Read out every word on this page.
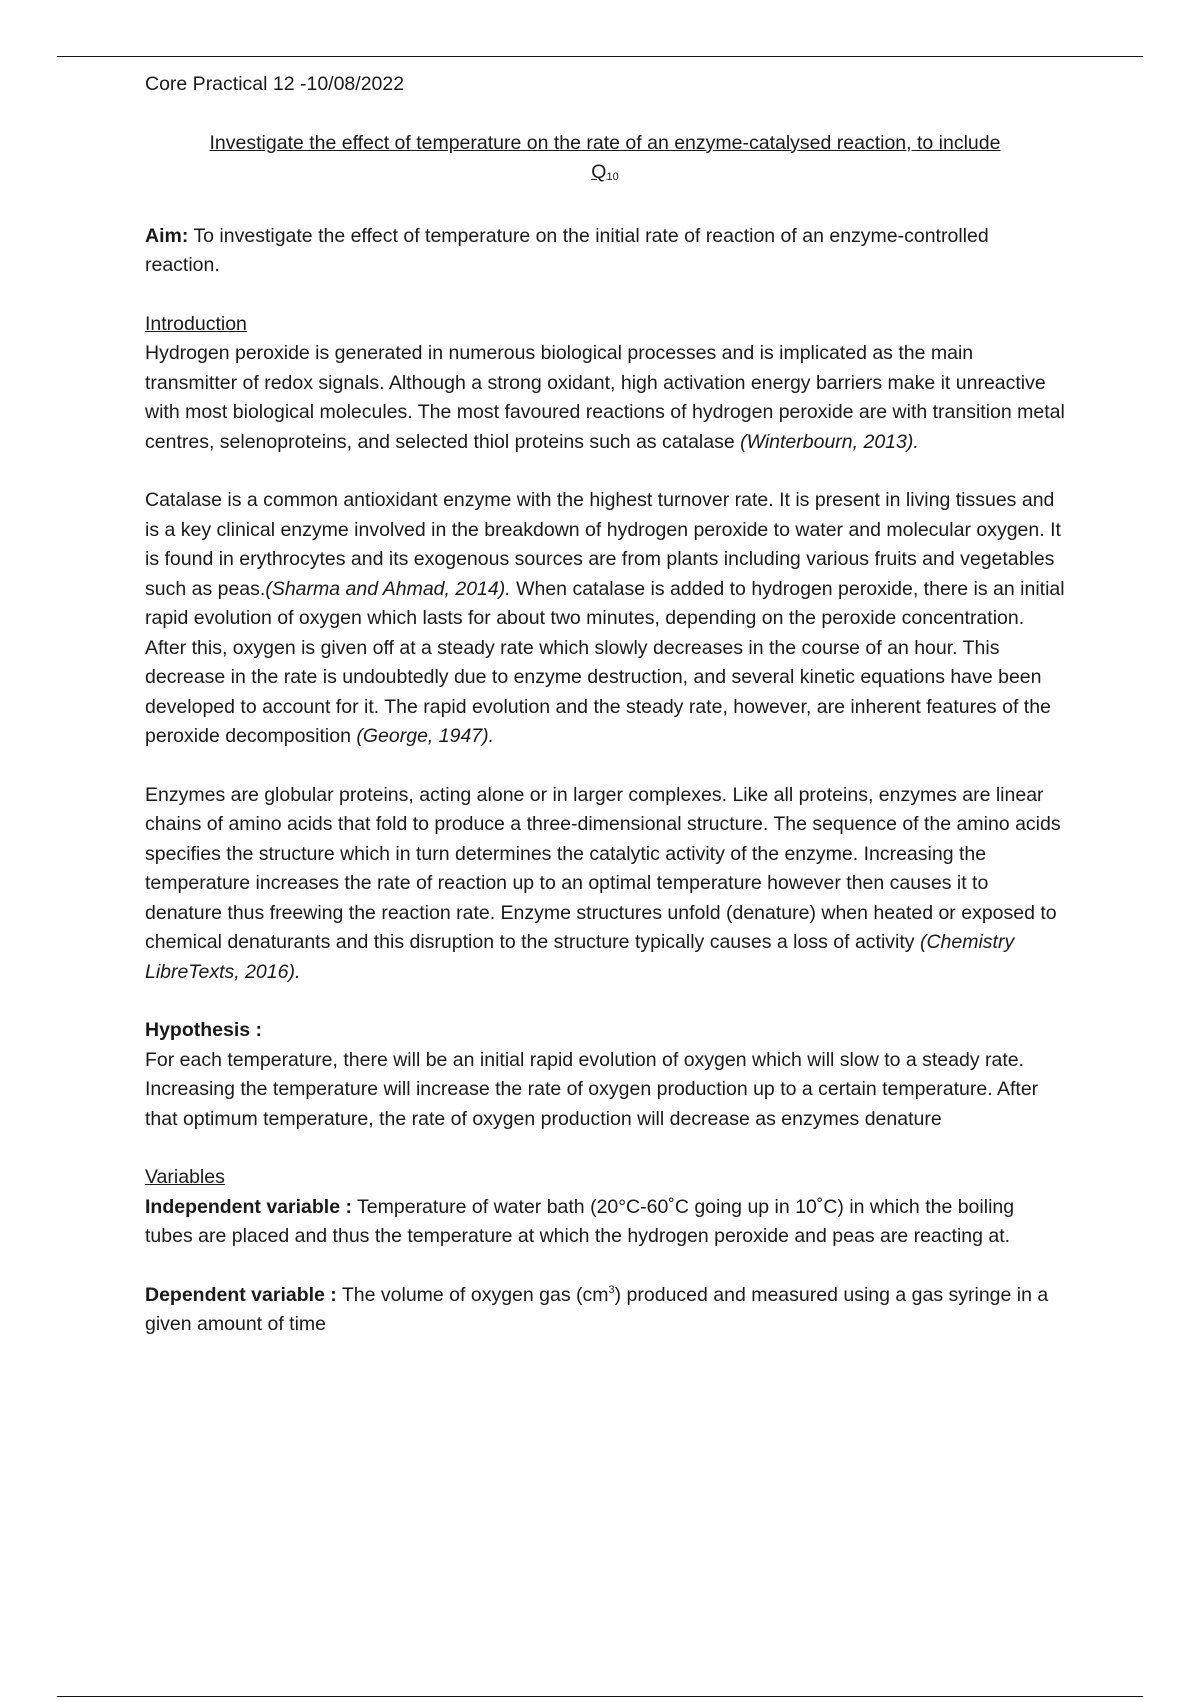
Core Practical 12 -10/08/2022

Investigate the effect of temperature on the rate of an enzyme-catalysed reaction, to include

$Q_{10}$

Aim: To investigate the effect of temperature on the initial rate of reaction of an enzyme-controlled reaction.

Introduction

Hydrogen peroxide is generated in numerous biological processes and is implicated as the main transmitter of redox signals. Although a strong oxidant, high activation energy barriers make it unreactive with most biological molecules. The most favoured reactions of hydrogen peroxide are with transition metal centres, selenoproteins, and selected thiol proteins such as catalase (Winterbourn, 2013).

Catalase is a common antioxidant enzyme with the highest turnover rate. It is present in living tissues and is a key clinical enzyme involved in the breakdown of hydrogen peroxide to water and molecular oxygen. It is found in erythrocytes and its exogenous sources are from plants including various fruits and vegetables such as peas.(Sharma and Ahmad, 2014). When catalase is added to hydrogen peroxide, there is an initial rapid evolution of oxygen which lasts for about two minutes, depending on the peroxide concentration. After this, oxygen is given off at a steady rate which slowly decreases in the course of an hour. This decrease in the rate is undoubtedly due to enzyme destruction, and several kinetic equations have been developed to account for it. The rapid evolution and the steady rate, however, are inherent features of the peroxide decomposition (George, 1947).

Enzymes are globular proteins, acting alone or in larger complexes. Like all proteins, enzymes are linear chains of amino acids that fold to produce a three-dimensional structure. The sequence of the amino acids specifies the structure which in turn determines the catalytic activity of the enzyme. Increasing the temperature increases the rate of reaction up to an optimal temperature however then causes it to denature thus freewing the reaction rate. Enzyme structures unfold (denature) when heated or exposed to chemical denaturants and this disruption to the structure typically causes a loss of activity (Chemistry LibreTexts, 2016).

Hypothesis :

For each temperature, there will be an initial rapid evolution of oxygen which will slow to a steady rate.

Increasing the temperature will increase the rate of oxygen production up to a certain temperature. After that optimum temperature, the rate of oxygen production will decrease as enzymes denature

Variables

Independent variable : Temperature of water bath (20°C-60˚C going up in 10˚C) in which the boiling tubes are placed and thus the temperature at which the hydrogen peroxide and peas are reacting at.

Dependent variable : The volume of oxygen gas $(cm^3)$ produced and measured using a gas syringe in a given amount of time
